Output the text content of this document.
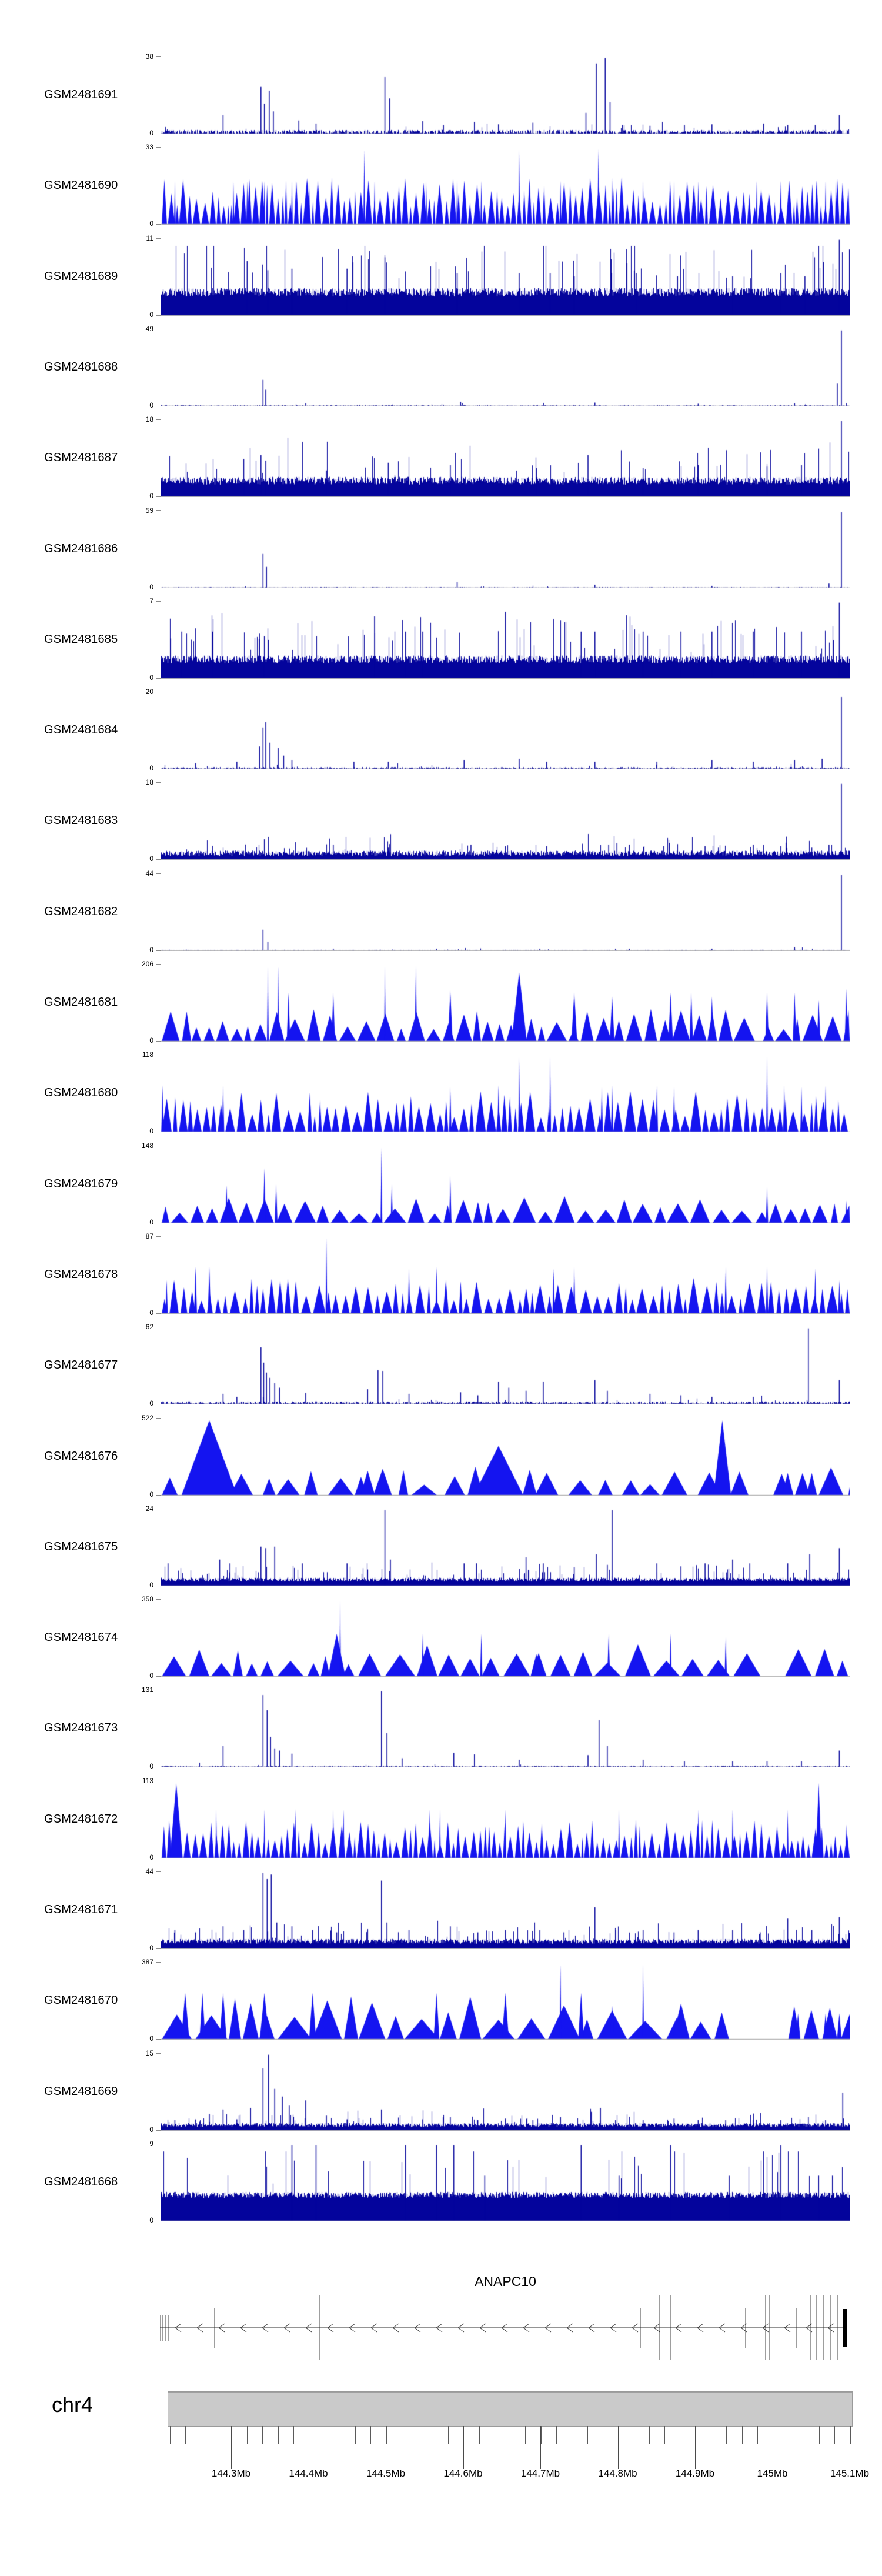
GSM2481691
38
0
GSM2481690
33
0
GSM2481689
11
0
GSM2481688
49
0
GSM2481687
18
0
GSM2481686
59
0
GSM2481685
7
0
GSM2481684
20
0
GSM2481683
18
0
GSM2481682
44
0
GSM2481681
206
0
GSM2481680
118
0
GSM2481679
148
0
GSM2481678
87
0
GSM2481677
62
0
GSM2481676
522
0
GSM2481675
24
0
GSM2481674
358
0
GSM2481673
131
0
GSM2481672
113
0
GSM2481671
44
0
GSM2481670
387
0
GSM2481669
15
0
GSM2481668
9
0
ANAPC10
chr4
144.3Mb	144.4Mb	144.5Mb	144.6Mb	144.7Mb	144.8Mb	144.9Mb	145Mb	145.1Mb
